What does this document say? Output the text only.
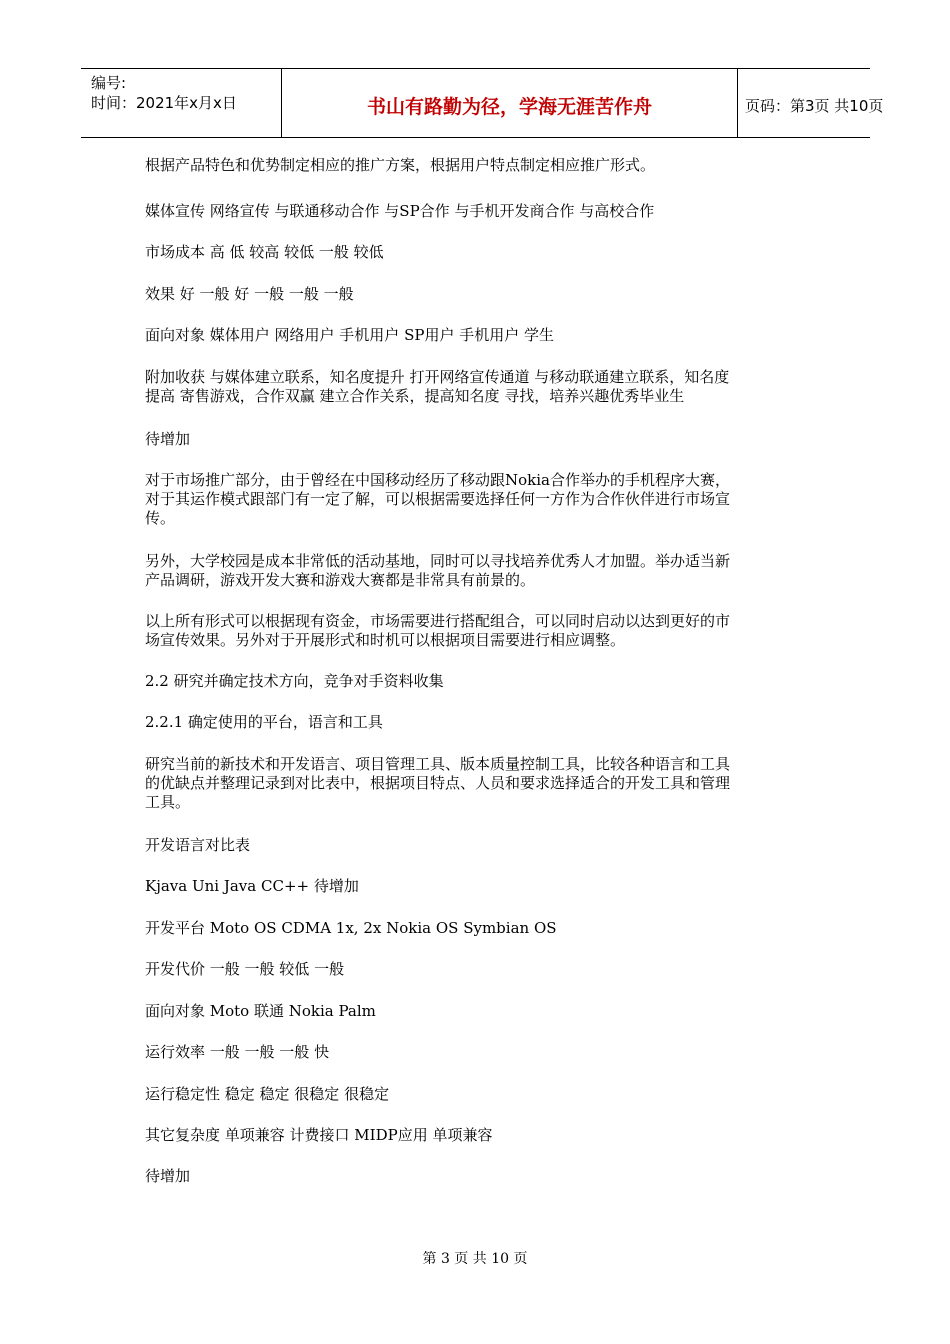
编号:
时间：2021年x月x日	书山有路勤为径，学海无涯苦作舟	页码：第3页 共10页

根据产品特色和优势制定相应的推广方案，根据用户特点制定相应推广形式。

媒体宣传 网络宣传 与联通移动合作 与SP合作 与手机开发商合作 与高校合作

市场成本 高 低 较高 较低 一般 较低

效果 好 一般 好 一般 一般 一般

面向对象 媒体用户 网络用户 手机用户 SP用户 手机用户 学生

附加收获 与媒体建立联系，知名度提升 打开网络宣传通道 与移动联通建立联系，知名度
提高 寄售游戏，合作双赢 建立合作关系，提高知名度 寻找，培养兴趣优秀毕业生

待增加

对于市场推广部分，由于曾经在中国移动经历了移动跟Nokia合作举办的手机程序大赛，
对于其运作模式跟部门有一定了解，可以根据需要选择任何一方作为合作伙伴进行市场宣
传。

另外，大学校园是成本非常低的活动基地，同时可以寻找培养优秀人才加盟。举办适当新
产品调研，游戏开发大赛和游戏大赛都是非常具有前景的。

以上所有形式可以根据现有资金，市场需要进行搭配组合，可以同时启动以达到更好的市
场宣传效果。另外对于开展形式和时机可以根据项目需要进行相应调整。

2.2 研究并确定技术方向，竞争对手资料收集

2.2.1 确定使用的平台，语言和工具

研究当前的新技术和开发语言、项目管理工具、版本质量控制工具，比较各种语言和工具
的优缺点并整理记录到对比表中，根据项目特点、人员和要求选择适合的开发工具和管理
工具。

开发语言对比表

Kjava Uni Java CC++ 待增加

开发平台 Moto OS CDMA 1x, 2x Nokia OS Symbian OS

开发代价 一般 一般 较低 一般

面向对象 Moto 联通 Nokia Palm

运行效率 一般 一般 一般 快

运行稳定性 稳定 稳定 很稳定 很稳定

其它复杂度 单项兼容 计费接口 MIDP应用 单项兼容

待增加

第 3 页 共 10 页
